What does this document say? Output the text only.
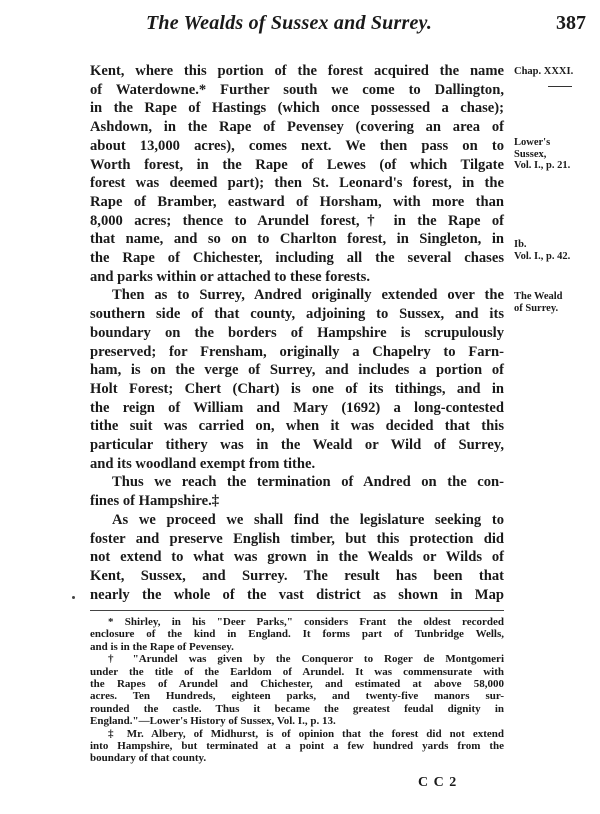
The Wealds of Sussex and Surrey.	387
Kent, where this portion of the forest acquired the name
of Waterdowne.* Further south we come to Dallington,
in the Rape of Hastings (which once possessed a chase);
Ashdown, in the Rape of Pevensey (covering an area of
about 13,000 acres), comes next. We then pass on to
Worth forest, in the Rape of Lewes (of which Tilgate
forest was deemed part); then St. Leonard's forest, in the
Rape of Bramber, eastward of Horsham, with more than
8,000 acres; thence to Arundel forest,† in the Rape of
that name, and so on to Charlton forest, in Singleton, in
the Rape of Chichester, including all the several chases
and parks within or attached to these forests.
Then as to Surrey, Andred originally extended over the
southern side of that county, adjoining to Sussex, and its
boundary on the borders of Hampshire is scrupulously
preserved; for Frensham, originally a Chapelry to Farn-
ham, is on the verge of Surrey, and includes a portion of
Holt Forest; Chert (Chart) is one of its tithings, and in
the reign of William and Mary (1692) a long-contested
tithe suit was carried on, when it was decided that this
particular tithery was in the Weald or Wild of Surrey,
and its woodland exempt from tithe.
Thus we reach the termination of Andred on the con-
fines of Hampshire.‡
As we proceed we shall find the legislature seeking to
foster and preserve English timber, but this protection did
not extend to what was grown in the Wealds or Wilds of
Kent, Sussex, and Surrey. The result has been that
nearly the whole of the vast district as shown in Map
Chap. XXXI.
Lower's
Sussex,
Vol. I., p. 21.
Ib.
Vol. I., p. 42.
The Weald
of Surrey.
* Shirley, in his "Deer Parks," considers Frant the oldest recorded
enclosure of the kind in England. It forms part of Tunbridge Wells,
and is in the Rape of Pevensey.
† "Arundel was given by the Conqueror to Roger de Montgomeri
under the title of the Earldom of Arundel. It was commensurate with
the Rapes of Arundel and Chichester, and estimated at above 58,000
acres. Ten Hundreds, eighteen parks, and twenty-five manors sur-
rounded the castle. Thus it became the greatest feudal dignity in
England."—Lower's History of Sussex, Vol. I., p. 13.
‡ Mr. Albery, of Midhurst, is of opinion that the forest did not extend
into Hampshire, but terminated at a point a few hundred yards from the
boundary of that county.
C C 2
